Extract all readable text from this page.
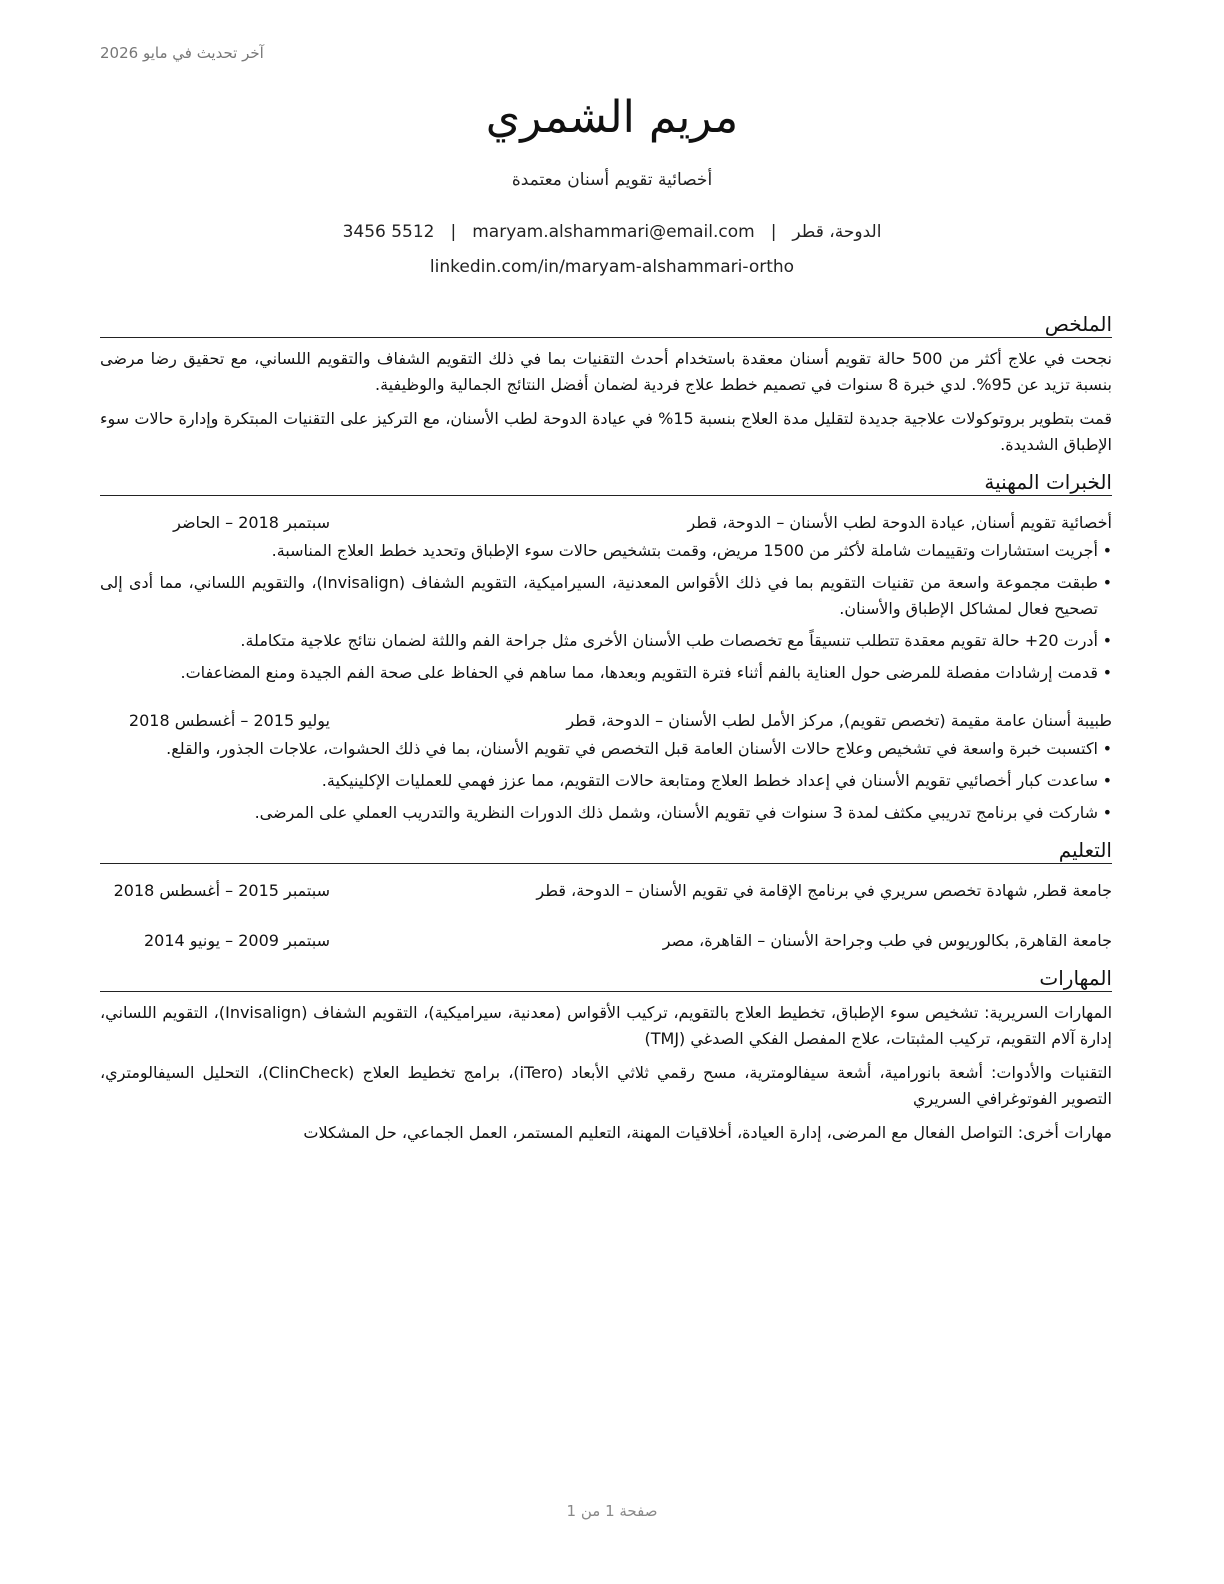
آخر تحديث في مايو 2026
مريم الشمري
أخصائية تقويم أسنان معتمدة
الدوحة، قطر|maryam.alshammari@email.com|3456 5512
linkedin.com/in/maryam-alshammari-ortho
الملخص

نجحت في علاج أكثر من 500 حالة تقويم أسنان معقدة باستخدام أحدث التقنيات بما في ذلك التقويم الشفاف والتقويم اللساني، مع تحقيق رضا مرضى بنسبة تزيد عن 95%. لدي خبرة 8 سنوات في تصميم خطط علاج فردية لضمان أفضل النتائج الجمالية والوظيفية.

قمت بتطوير بروتوكولات علاجية جديدة لتقليل مدة العلاج بنسبة 15% في عيادة الدوحة لطب الأسنان، مع التركيز على التقنيات المبتكرة وإدارة حالات سوء الإطباق الشديدة.

الخبرات المهنية
أخصائية تقويم أسنان, عيادة الدوحة لطب الأسنان – الدوحة، قطر
سبتمبر 2018 – الحاضر
• أجريت استشارات وتقييمات شاملة لأكثر من 1500 مريض، وقمت بتشخيص حالات سوء الإطباق وتحديد خطط العلاج المناسبة.
• طبقت مجموعة واسعة من تقنيات التقويم بما في ذلك الأقواس المعدنية، السيراميكية، التقويم الشفاف (Invisalign)، والتقويم اللساني، مما أدى إلى تصحيح فعال لمشاكل الإطباق والأسنان.
• أدرت 20+ حالة تقويم معقدة تتطلب تنسيقاً مع تخصصات طب الأسنان الأخرى مثل جراحة الفم واللثة لضمان نتائج علاجية متكاملة.
• قدمت إرشادات مفصلة للمرضى حول العناية بالفم أثناء فترة التقويم وبعدها، مما ساهم في الحفاظ على صحة الفم الجيدة ومنع المضاعفات.
طبيبة أسنان عامة مقيمة (تخصص تقويم), مركز الأمل لطب الأسنان – الدوحة، قطر
يوليو 2015 – أغسطس 2018
• اكتسبت خبرة واسعة في تشخيص وعلاج حالات الأسنان العامة قبل التخصص في تقويم الأسنان، بما في ذلك الحشوات، علاجات الجذور، والقلع.
• ساعدت كبار أخصائيي تقويم الأسنان في إعداد خطط العلاج ومتابعة حالات التقويم، مما عزز فهمي للعمليات الإكلينيكية.
• شاركت في برنامج تدريبي مكثف لمدة 3 سنوات في تقويم الأسنان، وشمل ذلك الدورات النظرية والتدريب العملي على المرضى.
التعليم
جامعة قطر, شهادة تخصص سريري في برنامج الإقامة في تقويم الأسنان – الدوحة، قطر
سبتمبر 2015 – أغسطس 2018
جامعة القاهرة, بكالوريوس في طب وجراحة الأسنان – القاهرة، مصر
سبتمبر 2009 – يونيو 2014
المهارات

المهارات السريرية: تشخيص سوء الإطباق، تخطيط العلاج بالتقويم، تركيب الأقواس (معدنية، سيراميكية)، التقويم الشفاف (Invisalign)، التقويم اللساني، إدارة آلام التقويم، تركيب المثبتات، علاج المفصل الفكي الصدغي (TMJ)

التقنيات والأدوات: أشعة بانورامية، أشعة سيفالومترية، مسح رقمي ثلاثي الأبعاد (iTero)، برامج تخطيط العلاج (ClinCheck)، التحليل السيفالومتري، التصوير الفوتوغرافي السريري

مهارات أخرى: التواصل الفعال مع المرضى، إدارة العيادة، أخلاقيات المهنة، التعليم المستمر، العمل الجماعي، حل المشكلات

صفحة 1 من 1
